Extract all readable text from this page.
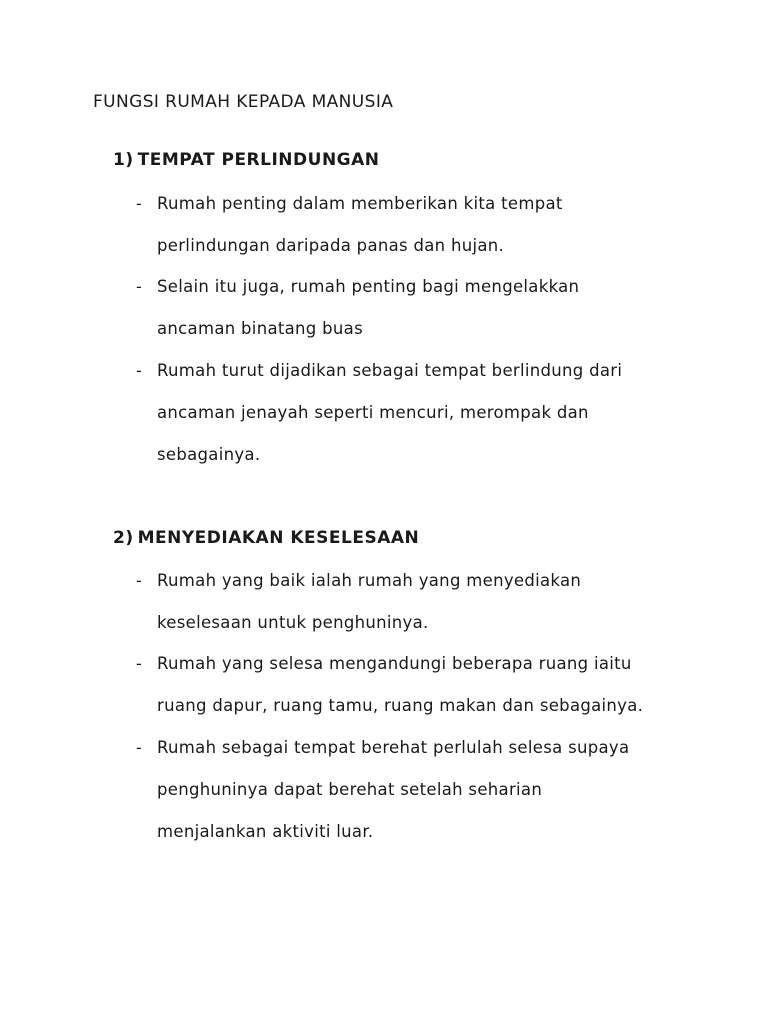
FUNGSI RUMAH KEPADA MANUSIA
1) TEMPAT PERLINDUNGAN
- Rumah penting dalam memberikan kita tempat
perlindungan daripada panas dan hujan.
- Selain itu juga, rumah penting bagi mengelakkan
ancaman binatang buas
- Rumah turut dijadikan sebagai tempat berlindung dari
ancaman jenayah seperti mencuri, merompak dan
sebagainya.
2) MENYEDIAKAN KESELESAAN
- Rumah yang baik ialah rumah yang menyediakan
keselesaan untuk penghuninya.
- Rumah yang selesa mengandungi beberapa ruang iaitu
ruang dapur, ruang tamu, ruang makan dan sebagainya.
- Rumah sebagai tempat berehat perlulah selesa supaya
penghuninya dapat berehat setelah seharian
menjalankan aktiviti luar.
